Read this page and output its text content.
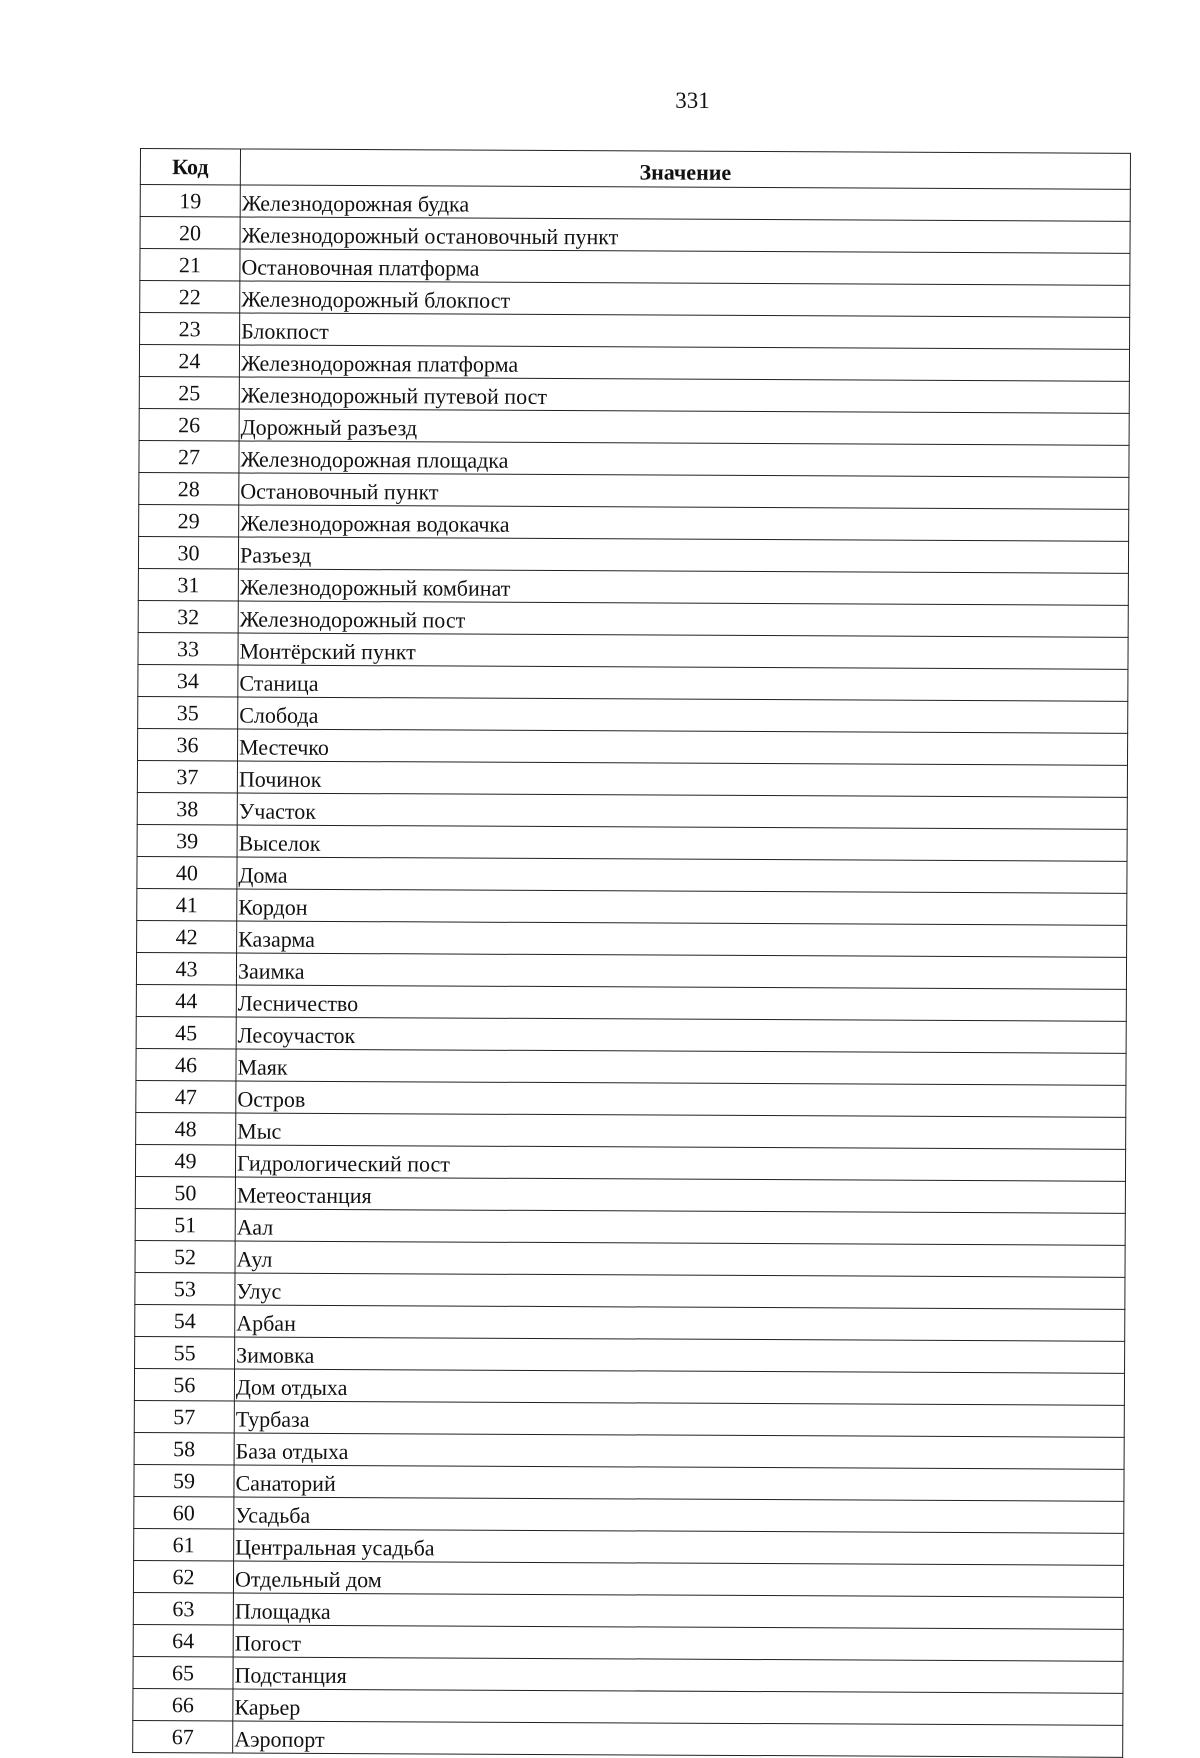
331
Код	Значение
19	Железнодорожная будка
20	Железнодорожный остановочный пункт
21	Остановочная платформа
22	Железнодорожный блокпост
23	Блокпост
24	Железнодорожная платформа
25	Железнодорожный путевой пост
26	Дорожный разъезд
27	Железнодорожная площадка
28	Остановочный пункт
29	Железнодорожная водокачка
30	Разъезд
31	Железнодорожный комбинат
32	Железнодорожный пост
33	Монтёрский пункт
34	Станица
35	Слобода
36	Местечко
37	Починок
38	Участок
39	Выселок
40	Дома
41	Кордон
42	Казарма
43	Заимка
44	Лесничество
45	Лесоучасток
46	Маяк
47	Остров
48	Мыс
49	Гидрологический пост
50	Метеостанция
51	Аал
52	Аул
53	Улус
54	Арбан
55	Зимовка
56	Дом отдыха
57	Турбаза
58	База отдыха
59	Санаторий
60	Усадьба
61	Центральная усадьба
62	Отдельный дом
63	Площадка
64	Погост
65	Подстанция
66	Карьер
67	Аэропорт
